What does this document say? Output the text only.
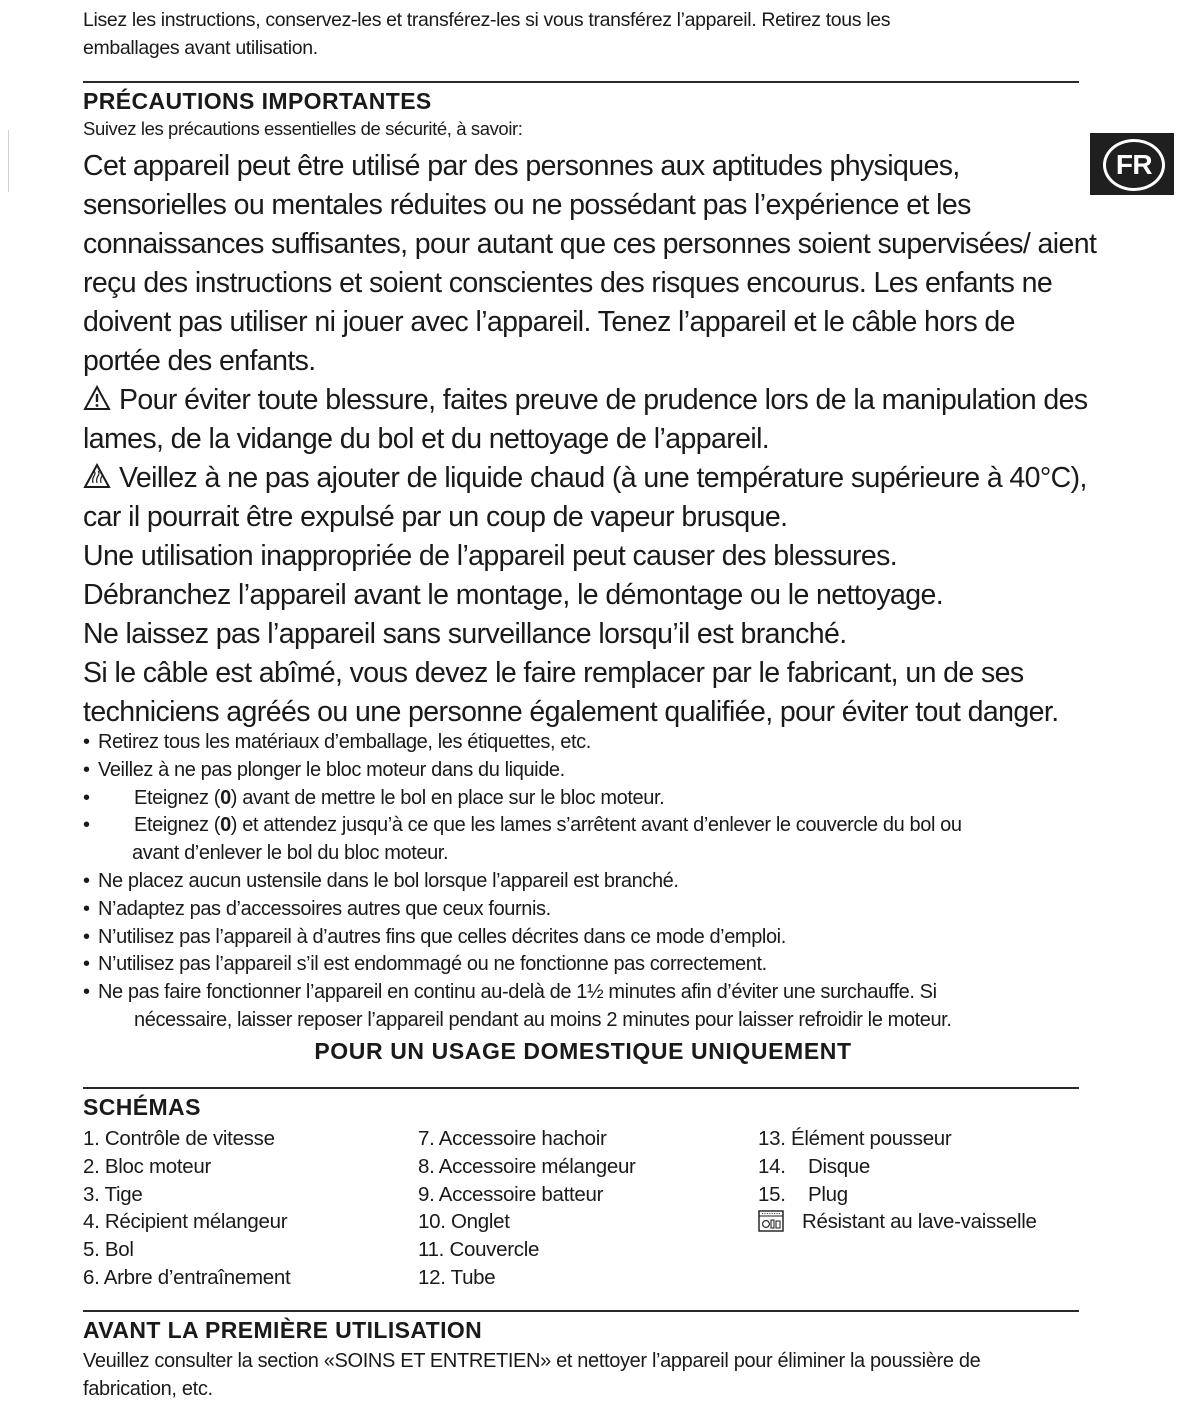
FR
Lisez les instructions, conservez-les et transférez-les si vous transférez l’appareil. Retirez tous les
emballages avant utilisation.
PRÉCAUTIONS IMPORTANTES
Suivez les précautions essentielles de sécurité, à savoir:

Cet appareil peut être utilisé par des personnes aux aptitudes physiques, sensorielles ou mentales réduites ou ne possédant pas l’expérience et les connaissances suffisantes, pour autant que ces personnes soient supervisées/ aient reçu des instructions et soient conscientes des risques encourus. Les enfants ne doivent pas utiliser ni jouer avec l’appareil. Tenez l’appareil et le câble hors de portée des enfants.

Pour éviter toute blessure, faites preuve de prudence lors de la manipulation des lames, de la vidange du bol et du nettoyage de l’appareil.

Veillez à ne pas ajouter de liquide chaud (à une température supérieure à 40°C), car il pourrait être expulsé par un coup de vapeur brusque.

Une utilisation inappropriée de l’appareil peut causer des blessures.

Débranchez l’appareil avant le montage, le démontage ou le nettoyage.

Ne laissez pas l’appareil sans surveillance lorsqu’il est branché.

Si le câble est abîmé, vous devez le faire remplacer par le fabricant, un de ses techniciens agréés ou une personne également qualifiée, pour éviter tout danger.

• Retirez tous les matériaux d’emballage, les étiquettes, etc.
• Veillez à ne pas plonger le bloc moteur dans du liquide.
• Eteignez (0) avant de mettre le bol en place sur le bloc moteur.
• Eteignez (0) et attendez jusqu’à ce que les lames s’arrêtent avant d’enlever le couvercle du bol ou
avant d’enlever le bol du bloc moteur.
• Ne placez aucun ustensile dans le bol lorsque l’appareil est branché.
• N’adaptez pas d’accessoires autres que ceux fournis.
• N’utilisez pas l’appareil à d’autres fins que celles décrites dans ce mode d’emploi.
• N’utilisez pas l’appareil s’il est endommagé ou ne fonctionne pas correctement.
• Ne pas faire fonctionner l’appareil en continu au-delà de 1½ minutes afin d’éviter une surchauffe. Si
nécessaire, laisser reposer l’appareil pendant au moins 2 minutes pour laisser refroidir le moteur.
POUR UN USAGE DOMESTIQUE UNIQUEMENT
SCHÉMAS
1. Contrôle de vitesse
2. Bloc moteur
3. Tige
4. Récipient mélangeur
5. Bol
6. Arbre d’entraînement
7. Accessoire hachoir
8. Accessoire mélangeur
9. Accessoire batteur
10. Onglet
11. Couvercle
12. Tube
13. Élément pousseur
14. Disque
15. Plug
Résistant au lave-vaisselle
AVANT LA PREMIÈRE UTILISATION
Veuillez consulter la section «SOINS ET ENTRETIEN» et nettoyer l’appareil pour éliminer la poussière de
fabrication, etc.
